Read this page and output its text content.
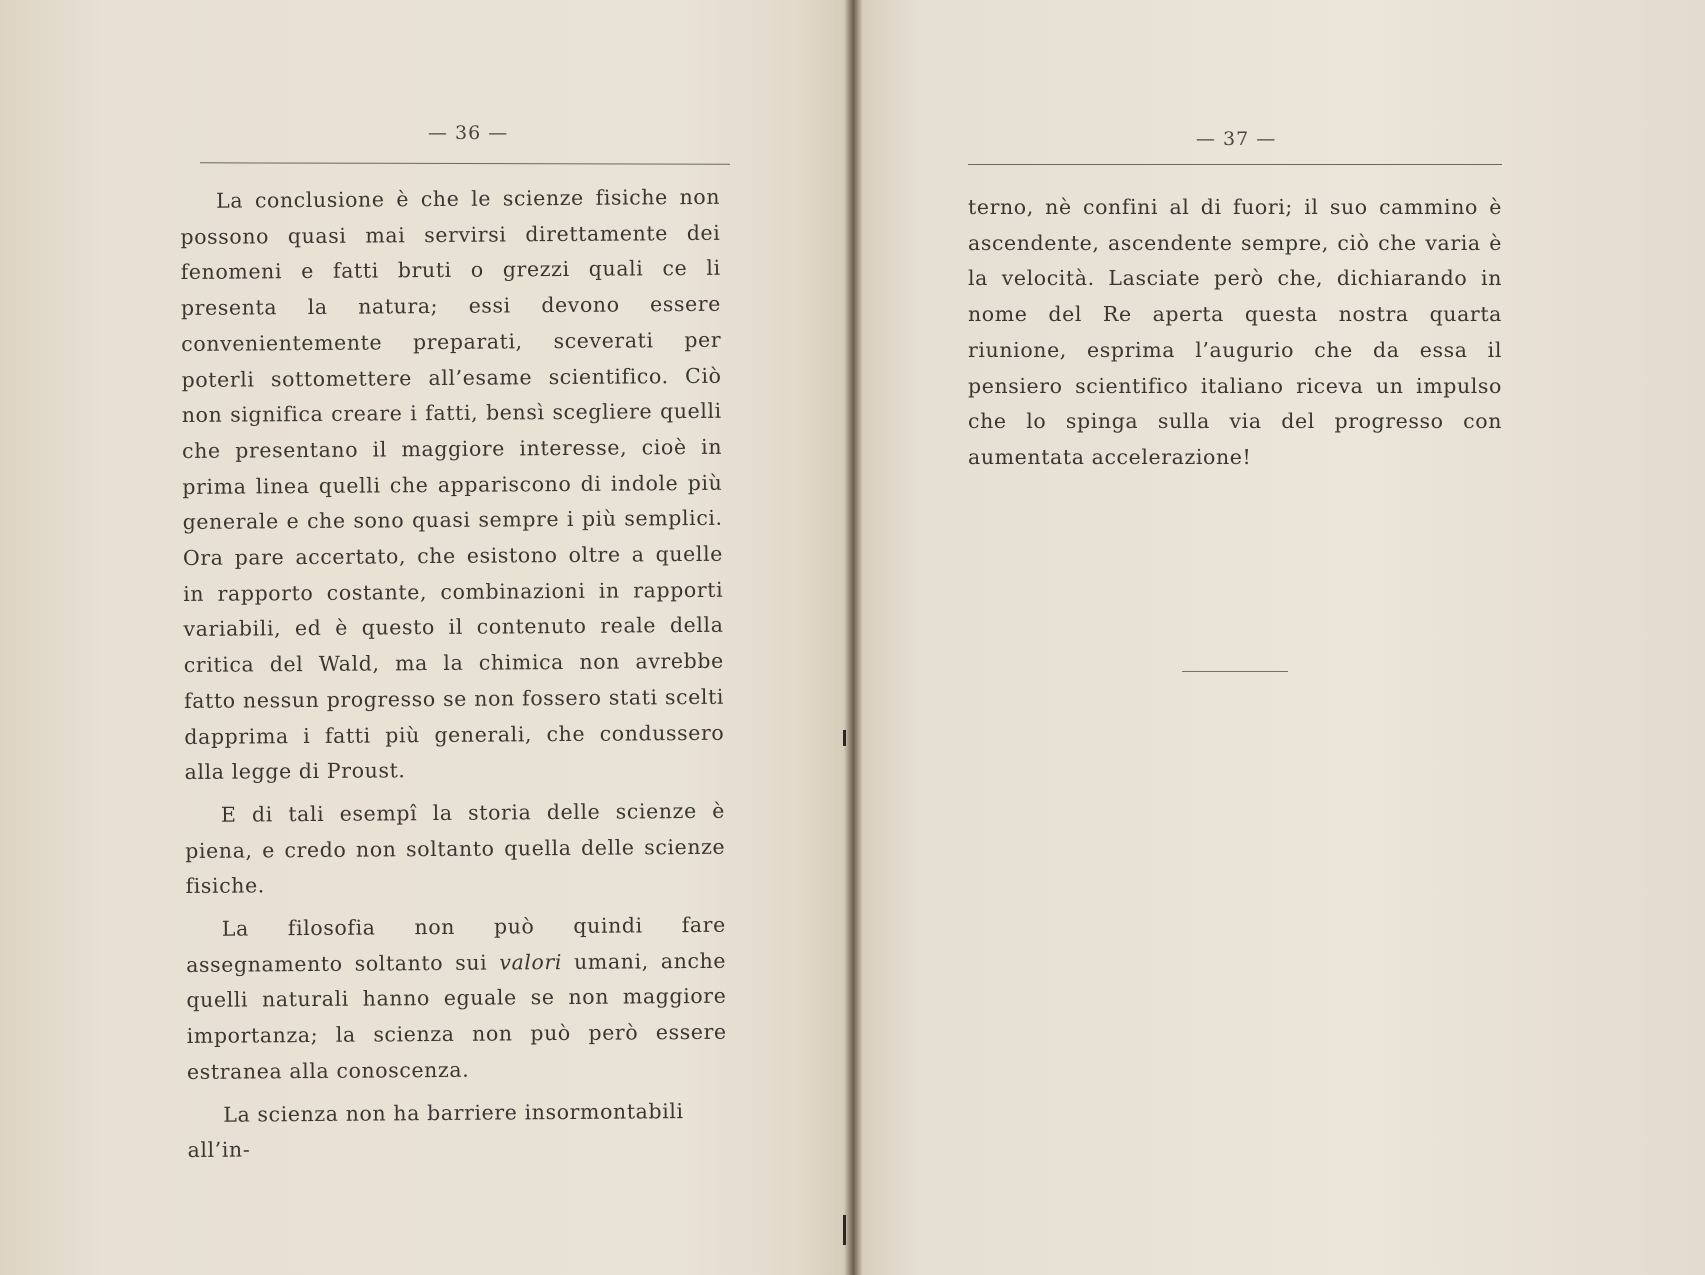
— 36 —

La conclusione è che le scienze fisiche non possono quasi mai servirsi direttamente dei fenomeni e fatti bruti o grezzi quali ce li presenta la natura; essi devono essere convenientemente preparati, sceverati per poterli sottomettere all’esame scientifico. Ciò non significa creare i fatti, bensì scegliere quelli che presentano il maggiore interesse, cioè in prima linea quelli che appariscono di indole più generale e che sono quasi sempre i più semplici. Ora pare accertato, che esistono oltre a quelle in rapporto costante, combinazioni in rapporti variabili, ed è questo il contenuto reale della critica del Wald, ma la chimica non avrebbe fatto nessun progresso se non fossero stati scelti dapprima i fatti più generali, che condussero alla legge di Proust.

E di tali esempî la storia delle scienze è piena, e credo non soltanto quella delle scienze fisiche.

La filosofia non può quindi fare assegnamento soltanto sui valori umani, anche quelli naturali hanno eguale se non maggiore importanza; la scienza non può però essere estranea alla conoscenza.

La scienza non ha barriere insormontabili all’in-

— 37 —

terno, nè confini al di fuori; il suo cammino è ascendente, ascendente sempre, ciò che varia è la velocità. Lasciate però che, dichiarando in nome del Re aperta questa nostra quarta riunione, esprima l’augurio che da essa il pensiero scientifico italiano riceva un impulso che lo spinga sulla via del progresso con aumentata accelerazione!
